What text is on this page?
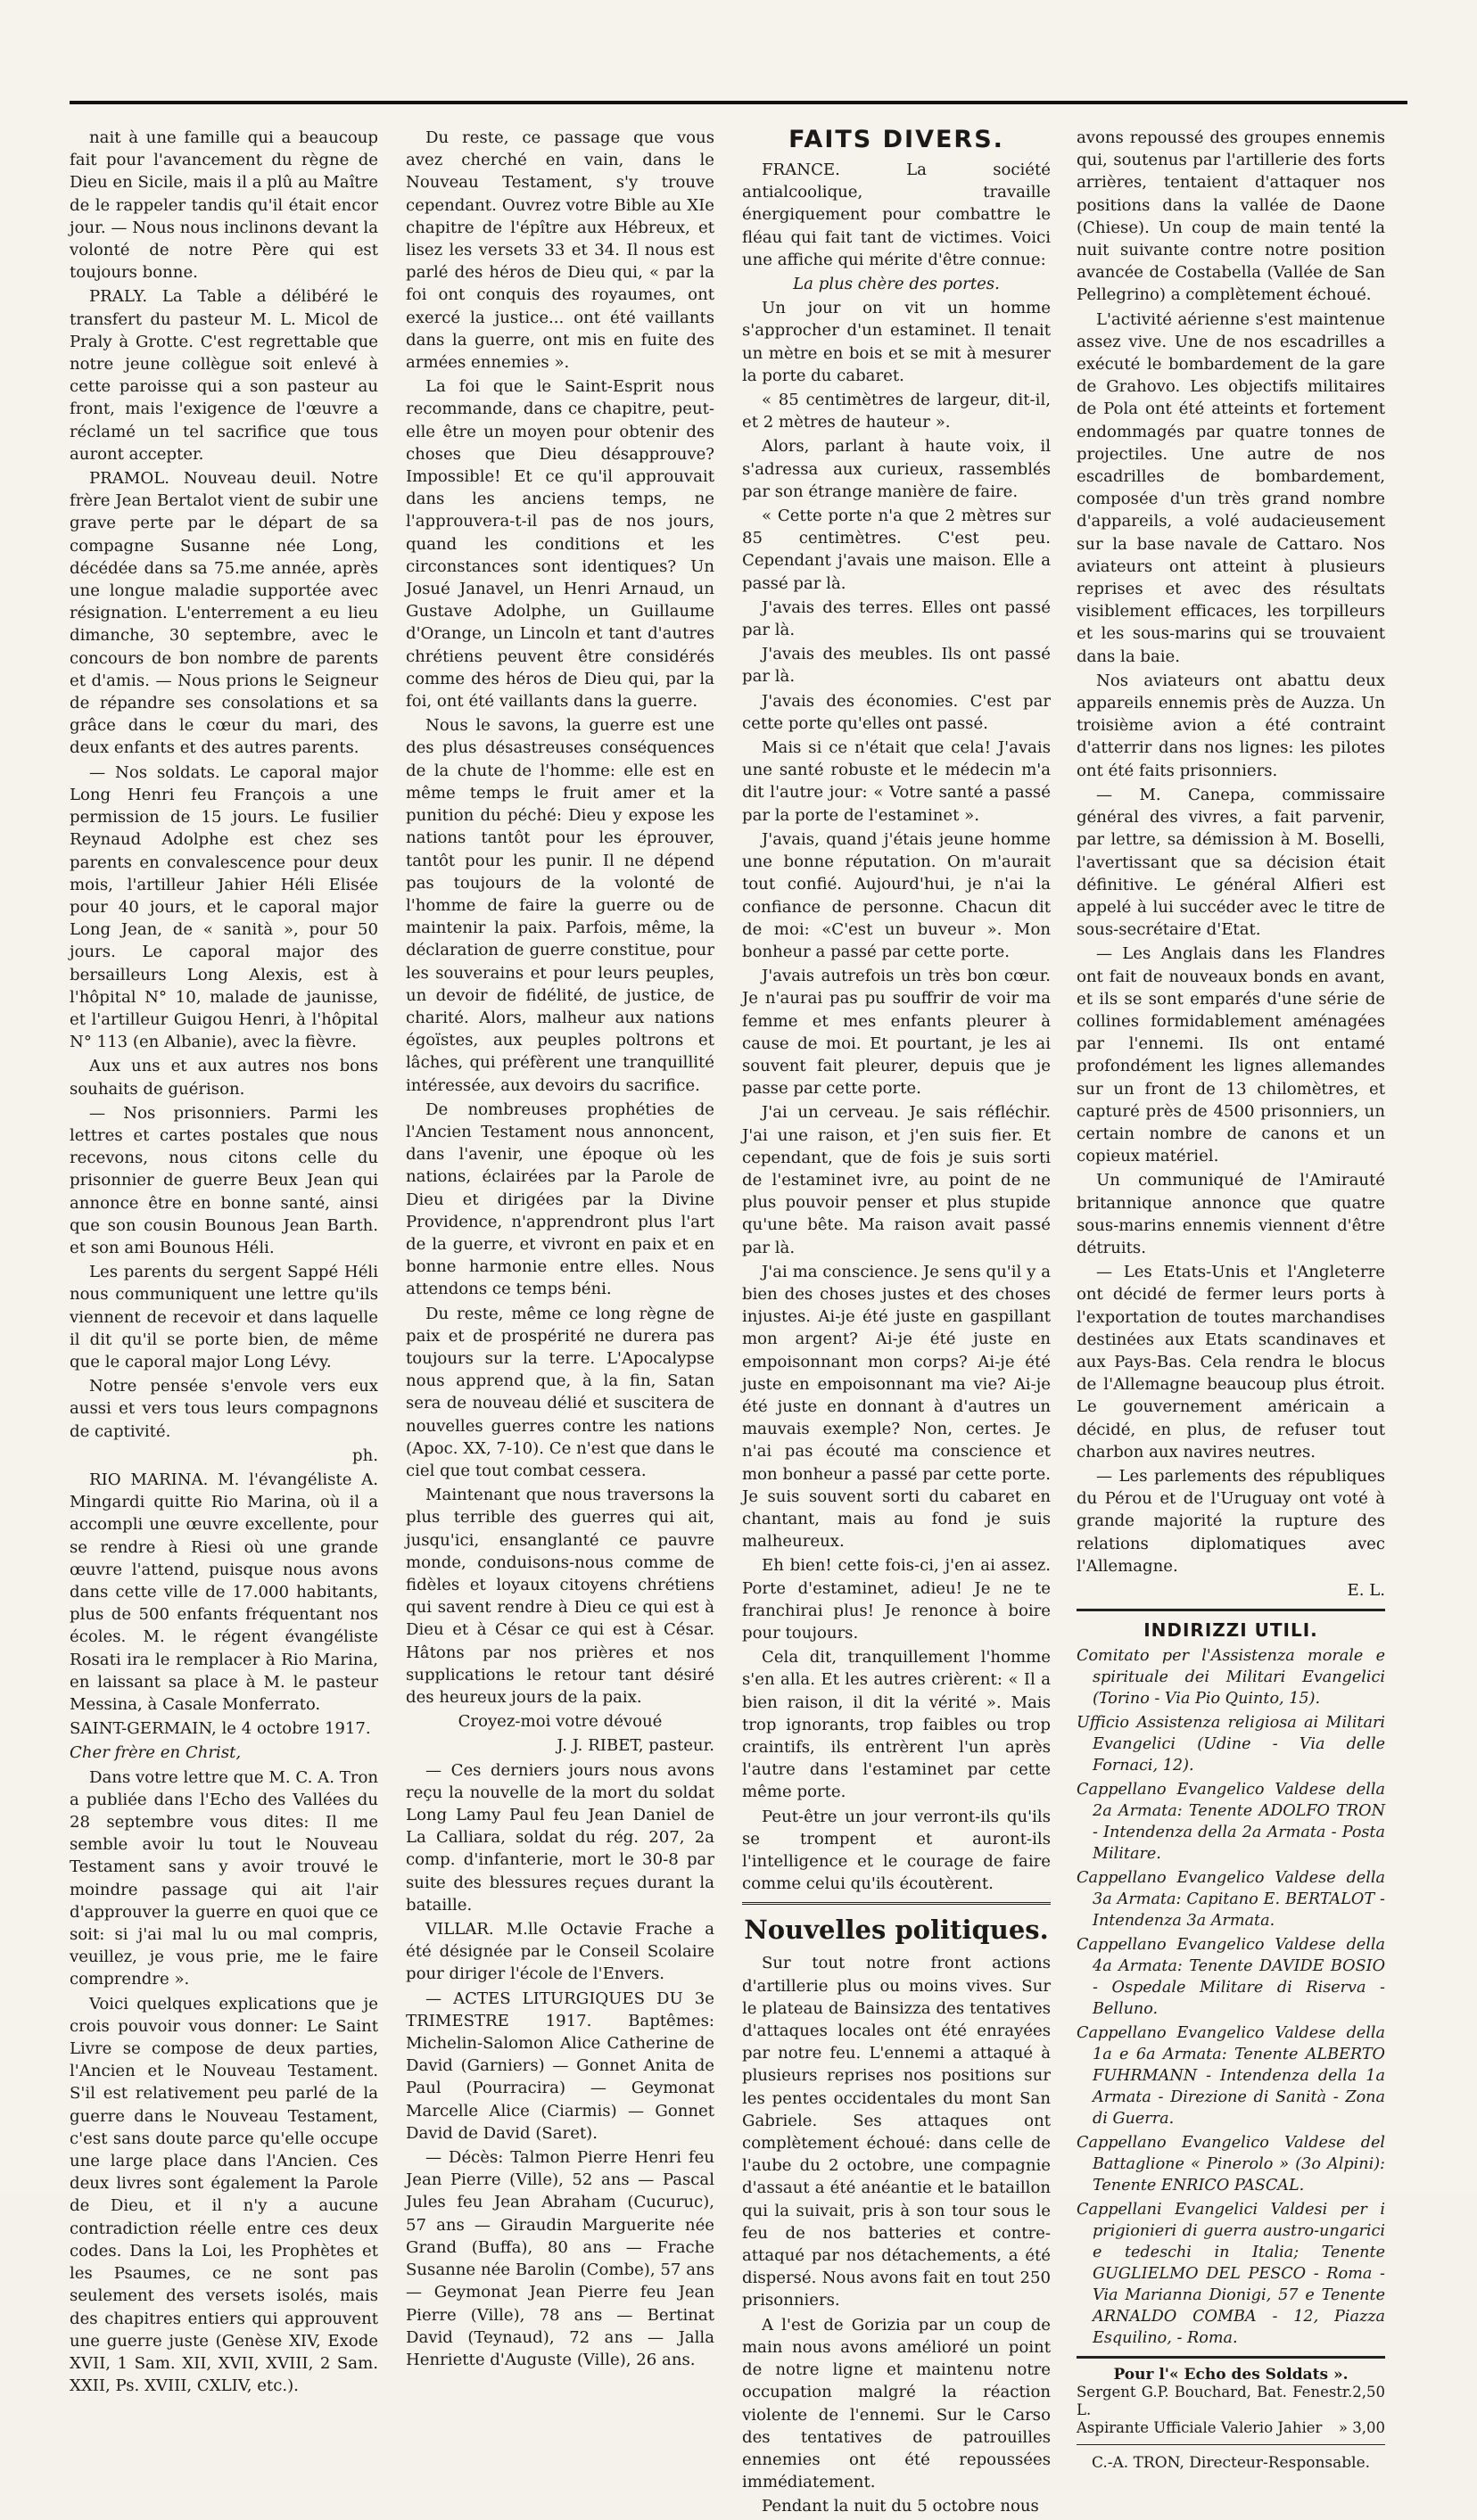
nait à une famille qui a beaucoup fait pour l'avancement du règne de Dieu en Sicile, mais il a plû au Maître de le rappeler tandis qu'il était encor jour. — Nous nous inclinons devant la volonté de notre Père qui est toujours bonne.

PRALY. La Table a délibéré le transfert du pasteur M. L. Micol de Praly à Grotte. C'est regrettable que notre jeune collègue soit enlevé à cette paroisse qui a son pasteur au front, mais l'exigence de l'œuvre a réclamé un tel sacrifice que tous auront accepter.

PRAMOL. Nouveau deuil. Notre frère Jean Bertalot vient de subir une grave perte par le départ de sa compagne Susanne née Long, décédée dans sa 75.me année, après une longue maladie supportée avec résignation. L'enterrement a eu lieu dimanche, 30 septembre, avec le concours de bon nombre de parents et d'amis. — Nous prions le Seigneur de répandre ses consolations et sa grâce dans le cœur du mari, des deux enfants et des autres parents.

— Nos soldats. Le caporal major Long Henri feu François a une permission de 15 jours. Le fusilier Reynaud Adolphe est chez ses parents en convalescence pour deux mois, l'artilleur Jahier Héli Elisée pour 40 jours, et le caporal major Long Jean, de « sanità », pour 50 jours. Le caporal major des bersailleurs Long Alexis, est à l'hôpital N° 10, malade de jaunisse, et l'artilleur Guigou Henri, à l'hôpital N° 113 (en Albanie), avec la fièvre.

Aux uns et aux autres nos bons souhaits de guérison.

— Nos prisonniers. Parmi les lettres et cartes postales que nous recevons, nous citons celle du prisonnier de guerre Beux Jean qui annonce être en bonne santé, ainsi que son cousin Bounous Jean Barth. et son ami Bounous Héli.

Les parents du sergent Sappé Héli nous communiquent une lettre qu'ils viennent de recevoir et dans laquelle il dit qu'il se porte bien, de même que le caporal major Long Lévy.

Notre pensée s'envole vers eux aussi et vers tous leurs compagnons de captivité.

ph.

RIO MARINA. M. l'évangéliste A. Mingardi quitte Rio Marina, où il a accompli une œuvre excellente, pour se rendre à Riesi où une grande œuvre l'attend, puisque nous avons dans cette ville de 17.000 habitants, plus de 500 enfants fréquentant nos écoles. M. le régent évangéliste Rosati ira le remplacer à Rio Marina, en laissant sa place à M. le pasteur Messina, à Casale Monferrato.

SAINT-GERMAIN, le 4 octobre 1917.

Cher frère en Christ,

Dans votre lettre que M. C. A. Tron a publiée dans l'Echo des Vallées du 28 septembre vous dites: Il me semble avoir lu tout le Nouveau Testament sans y avoir trouvé le moindre passage qui ait l'air d'approuver la guerre en quoi que ce soit: si j'ai mal lu ou mal compris, veuillez, je vous prie, me le faire comprendre ».

Voici quelques explications que je crois pouvoir vous donner: Le Saint Livre se compose de deux parties, l'Ancien et le Nouveau Testament. S'il est relativement peu parlé de la guerre dans le Nouveau Testament, c'est sans doute parce qu'elle occupe une large place dans l'Ancien. Ces deux livres sont également la Parole de Dieu, et il n'y a aucune contradiction réelle entre ces deux codes. Dans la Loi, les Prophètes et les Psaumes, ce ne sont pas seulement des versets isolés, mais des chapitres entiers qui approuvent une guerre juste (Genèse XIV, Exode XVII, 1 Sam. XII, XVII, XVIII, 2 Sam. XXII, Ps. XVIII, CXLIV, etc.).

Du reste, ce passage que vous avez cherché en vain, dans le Nouveau Testament, s'y trouve cependant. Ouvrez votre Bible au XIe chapitre de l'épître aux Hébreux, et lisez les versets 33 et 34. Il nous est parlé des héros de Dieu qui, « par la foi ont conquis des royaumes, ont exercé la justice... ont été vaillants dans la guerre, ont mis en fuite des armées ennemies ».

La foi que le Saint-Esprit nous recommande, dans ce chapitre, peut-elle être un moyen pour obtenir des choses que Dieu désapprouve? Impossible! Et ce qu'il approuvait dans les anciens temps, ne l'approuvera-t-il pas de nos jours, quand les conditions et les circonstances sont identiques? Un Josué Janavel, un Henri Arnaud, un Gustave Adolphe, un Guillaume d'Orange, un Lincoln et tant d'autres chrétiens peuvent être considérés comme des héros de Dieu qui, par la foi, ont été vaillants dans la guerre.

Nous le savons, la guerre est une des plus désastreuses conséquences de la chute de l'homme: elle est en même temps le fruit amer et la punition du péché: Dieu y expose les nations tantôt pour les éprouver, tantôt pour les punir. Il ne dépend pas toujours de la volonté de l'homme de faire la guerre ou de maintenir la paix. Parfois, même, la déclaration de guerre constitue, pour les souverains et pour leurs peuples, un devoir de fidélité, de justice, de charité. Alors, malheur aux nations égoïstes, aux peuples poltrons et lâches, qui préfèrent une tranquillité intéressée, aux devoirs du sacrifice.

De nombreuses prophéties de l'Ancien Testament nous annoncent, dans l'avenir, une époque où les nations, éclairées par la Parole de Dieu et dirigées par la Divine Providence, n'apprendront plus l'art de la guerre, et vivront en paix et en bonne harmonie entre elles. Nous attendons ce temps béni.

Du reste, même ce long règne de paix et de prospérité ne durera pas toujours sur la terre. L'Apocalypse nous apprend que, à la fin, Satan sera de nouveau délié et suscitera de nouvelles guerres contre les nations (Apoc. XX, 7-10). Ce n'est que dans le ciel que tout combat cessera.

Maintenant que nous traversons la plus terrible des guerres qui ait, jusqu'ici, ensanglanté ce pauvre monde, conduisons-nous comme de fidèles et loyaux citoyens chrétiens qui savent rendre à Dieu ce qui est à Dieu et à César ce qui est à César. Hâtons par nos prières et nos supplications le retour tant désiré des heureux jours de la paix.

Croyez-moi votre dévoué

J. J. RIBET, pasteur.

— Ces derniers jours nous avons reçu la nouvelle de la mort du soldat Long Lamy Paul feu Jean Daniel de La Calliara, soldat du rég. 207, 2a comp. d'infanterie, mort le 30-8 par suite des blessures reçues durant la bataille.

VILLAR. M.lle Octavie Frache a été désignée par le Conseil Scolaire pour diriger l'école de l'Envers.

— ACTES LITURGIQUES DU 3e TRIMESTRE 1917. Baptêmes: Michelin-Salomon Alice Catherine de David (Garniers) — Gonnet Anita de Paul (Pourracira) — Geymonat Marcelle Alice (Ciarmis) — Gonnet David de David (Saret).

— Décès: Talmon Pierre Henri feu Jean Pierre (Ville), 52 ans — Pascal Jules feu Jean Abraham (Cucuruc), 57 ans — Giraudin Marguerite née Grand (Buffa), 80 ans — Frache Susanne née Barolin (Combe), 57 ans — Geymonat Jean Pierre feu Jean Pierre (Ville), 78 ans — Bertinat David (Teynaud), 72 ans — Jalla Henriette d'Auguste (Ville), 26 ans.

FAITS DIVERS.

FRANCE. La société antialcoolique, travaille énergiquement pour combattre le fléau qui fait tant de victimes. Voici une affiche qui mérite d'être connue:

La plus chère des portes.

Un jour on vit un homme s'approcher d'un estaminet. Il tenait un mètre en bois et se mit à mesurer la porte du cabaret.

« 85 centimètres de largeur, dit-il, et 2 mètres de hauteur ».

Alors, parlant à haute voix, il s'adressa aux curieux, rassemblés par son étrange manière de faire.

« Cette porte n'a que 2 mètres sur 85 centimètres. C'est peu. Cependant j'avais une maison. Elle a passé par là.

J'avais des terres. Elles ont passé par là.

J'avais des meubles. Ils ont passé par là.

J'avais des économies. C'est par cette porte qu'elles ont passé.

Mais si ce n'était que cela! J'avais une santé robuste et le médecin m'a dit l'autre jour: « Votre santé a passé par la porte de l'estaminet ».

J'avais, quand j'étais jeune homme une bonne réputation. On m'aurait tout confié. Aujourd'hui, je n'ai la confiance de personne. Chacun dit de moi: «C'est un buveur ». Mon bonheur a passé par cette porte.

J'avais autrefois un très bon cœur. Je n'aurai pas pu souffrir de voir ma femme et mes enfants pleurer à cause de moi. Et pourtant, je les ai souvent fait pleurer, depuis que je passe par cette porte.

J'ai un cerveau. Je sais réfléchir. J'ai une raison, et j'en suis fier. Et cependant, que de fois je suis sorti de l'estaminet ivre, au point de ne plus pouvoir penser et plus stupide qu'une bête. Ma raison avait passé par là.

J'ai ma conscience. Je sens qu'il y a bien des choses justes et des choses injustes. Ai-je été juste en gaspillant mon argent? Ai-je été juste en empoisonnant mon corps? Ai-je été juste en empoisonnant ma vie? Ai-je été juste en donnant à d'autres un mauvais exemple? Non, certes. Je n'ai pas écouté ma conscience et mon bonheur a passé par cette porte. Je suis souvent sorti du cabaret en chantant, mais au fond je suis malheureux.

Eh bien! cette fois-ci, j'en ai assez. Porte d'estaminet, adieu! Je ne te franchirai plus! Je renonce à boire pour toujours.

Cela dit, tranquillement l'homme s'en alla. Et les autres crièrent: « Il a bien raison, il dit la vérité ». Mais trop ignorants, trop faibles ou trop craintifs, ils entrèrent l'un après l'autre dans l'estaminet par cette même porte.

Peut-être un jour verront-ils qu'ils se trompent et auront-ils l'intelligence et le courage de faire comme celui qu'ils écoutèrent.

Nouvelles politiques.

Sur tout notre front actions d'artillerie plus ou moins vives. Sur le plateau de Bainsizza des tentatives d'attaques locales ont été enrayées par notre feu. L'ennemi a attaqué à plusieurs reprises nos positions sur les pentes occidentales du mont San Gabriele. Ses attaques ont complètement échoué: dans celle de l'aube du 2 octobre, une compagnie d'assaut a été anéantie et le bataillon qui la suivait, pris à son tour sous le feu de nos batteries et contre-attaqué par nos détachements, a été dispersé. Nous avons fait en tout 250 prisonniers.

A l'est de Gorizia par un coup de main nous avons amélioré un point de notre ligne et maintenu notre occupation malgré la réaction violente de l'ennemi. Sur le Carso des tentatives de patrouilles ennemies ont été repoussées immédiatement.

Pendant la nuit du 5 octobre nous

avons repoussé des groupes ennemis qui, soutenus par l'artillerie des forts arrières, tentaient d'attaquer nos positions dans la vallée de Daone (Chiese). Un coup de main tenté la nuit suivante contre notre position avancée de Costabella (Vallée de San Pellegrino) a complètement échoué.

L'activité aérienne s'est maintenue assez vive. Une de nos escadrilles a exécuté le bombardement de la gare de Grahovo. Les objectifs militaires de Pola ont été atteints et fortement endommagés par quatre tonnes de projectiles. Une autre de nos escadrilles de bombardement, composée d'un très grand nombre d'appareils, a volé audacieusement sur la base navale de Cattaro. Nos aviateurs ont atteint à plusieurs reprises et avec des résultats visiblement efficaces, les torpilleurs et les sous-marins qui se trouvaient dans la baie.

Nos aviateurs ont abattu deux appareils ennemis près de Auzza. Un troisième avion a été contraint d'atterrir dans nos lignes: les pilotes ont été faits prisonniers.

— M. Canepa, commissaire général des vivres, a fait parvenir, par lettre, sa démission à M. Boselli, l'avertissant que sa décision était définitive. Le général Alfieri est appelé à lui succéder avec le titre de sous-secrétaire d'Etat.

— Les Anglais dans les Flandres ont fait de nouveaux bonds en avant, et ils se sont emparés d'une série de collines formidablement aménagées par l'ennemi. Ils ont entamé profondément les lignes allemandes sur un front de 13 chilomètres, et capturé près de 4500 prisonniers, un certain nombre de canons et un copieux matériel.

Un communiqué de l'Amirauté britannique annonce que quatre sous-marins ennemis viennent d'être détruits.

— Les Etats-Unis et l'Angleterre ont décidé de fermer leurs ports à l'exportation de toutes marchandises destinées aux Etats scandinaves et aux Pays-Bas. Cela rendra le blocus de l'Allemagne beaucoup plus étroit. Le gouvernement américain a décidé, en plus, de refuser tout charbon aux navires neutres.

— Les parlements des républiques du Pérou et de l'Uruguay ont voté à grande majorité la rupture des relations diplomatiques avec l'Allemagne.

E. L.

INDIRIZZI UTILI.

Comitato per l'Assistenza morale e spirituale dei Militari Evangelici (Torino - Via Pio Quinto, 15).

Ufficio Assistenza religiosa ai Militari Evangelici (Udine - Via delle Fornaci, 12).

Cappellano Evangelico Valdese della 2a Armata: Tenente ADOLFO TRON - Intendenza della 2a Armata - Posta Militare.

Cappellano Evangelico Valdese della 3a Armata: Capitano E. BERTALOT - Intendenza 3a Armata.

Cappellano Evangelico Valdese della 4a Armata: Tenente DAVIDE BOSIO - Ospedale Militare di Riserva - Belluno.

Cappellano Evangelico Valdese della 1a e 6a Armata: Tenente ALBERTO FUHRMANN - Intendenza della 1a Armata - Direzione di Sanità - Zona di Guerra.

Cappellano Evangelico Valdese del Battaglione « Pinerolo » (3o Alpini): Tenente ENRICO PASCAL.

Cappellani Evangelici Valdesi per i prigionieri di guerra austro-ungarici e tedeschi in Italia; Tenente GUGLIELMO DEL PESCO - Roma - Via Marianna Dionigi, 57 e Tenente ARNALDO COMBA - 12, Piazza Esquilino, - Roma.

Pour l'« Echo des Soldats ».

Sergent G.P. Bouchard, Bat. Fenestr. L.

2,50

Aspirante Ufficiale Valerio Jahier » 3,00

C.-A. TRON, Directeur-Responsable.
